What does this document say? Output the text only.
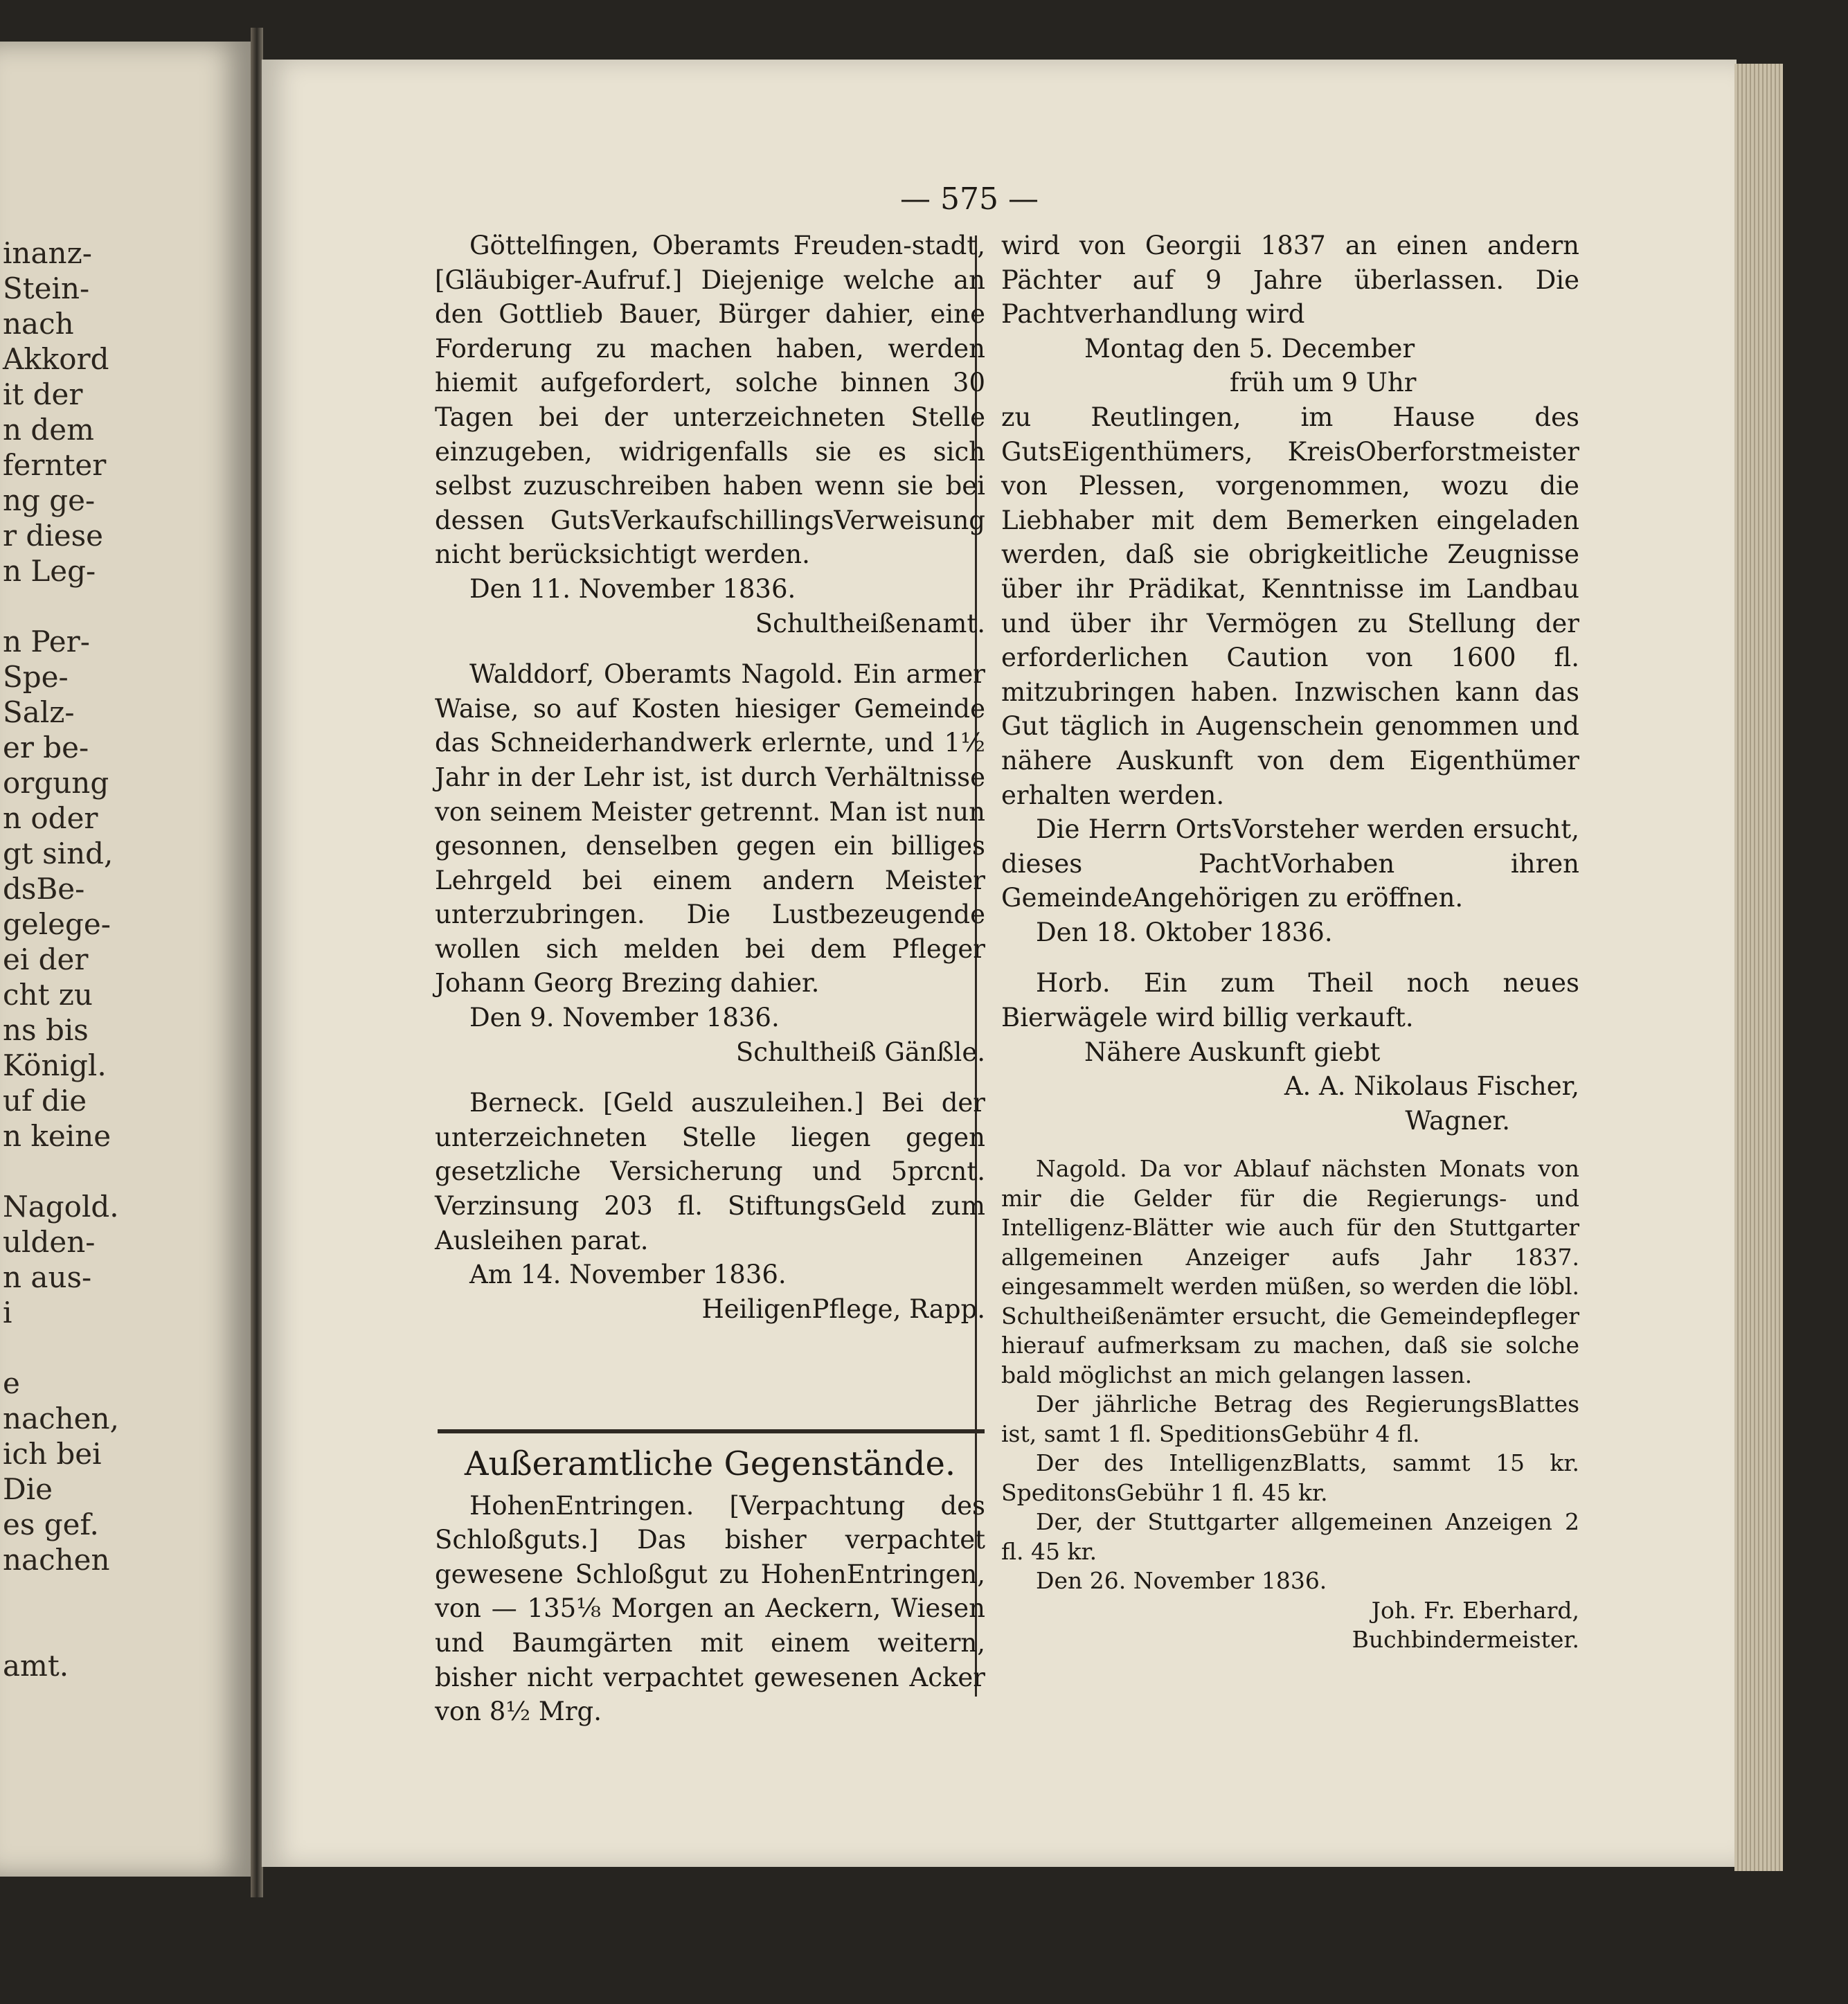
inanz-
Stein-
nach
Akkord
it der
n dem
fernter
ng ge-
r diese
n Leg-
n Per-
Spe-
Salz-
er be-
orgung
n oder
gt sind,
dsBe-
gelege-
ei der
cht zu
ns bis
Königl.
uf die
n keine
Nagold.
ulden-
n aus-
i
e
nachen,
ich bei
Die
es gef.
nachen
amt.
— 575 —

Göttelfingen, Oberamts Freuden-stadt, [Gläubiger-Aufruf.] Diejenige welche an den Gottlieb Bauer, Bürger dahier, eine Forderung zu machen haben, werden hiemit aufgefordert, solche binnen 30 Tagen bei der unterzeichneten Stelle einzugeben, widrigenfalls sie es sich selbst zuzuschreiben haben wenn sie bei dessen GutsVerkaufschillingsVerweisung nicht berücksichtigt werden.

Den 11. November 1836.

Schultheißenamt.

Walddorf, Oberamts Nagold. Ein armer Waise, so auf Kosten hiesiger Gemeinde das Schneiderhandwerk erlernte, und 1½ Jahr in der Lehr ist, ist durch Verhältnisse von seinem Meister getrennt. Man ist nun gesonnen, denselben gegen ein billiges Lehrgeld bei einem andern Meister unterzubringen. Die Lustbezeugende wollen sich melden bei dem Pfleger Johann Georg Brezing dahier.

Den 9. November 1836.

Schultheiß Gänßle.

Berneck. [Geld auszuleihen.] Bei der unterzeichneten Stelle liegen gegen gesetzliche Versicherung und 5prcnt. Verzinsung 203 fl. StiftungsGeld zum Ausleihen parat.

Am 14. November 1836.

HeiligenPflege, Rapp.

Außeramtliche Gegenstände.

HohenEntringen. [Verpachtung des Schloßguts.] Das bisher verpachtet gewesene Schloßgut zu HohenEntringen, von — 135⅛ Morgen an Aeckern, Wiesen und Baumgärten mit einem weitern, bisher nicht verpachtet gewesenen Acker von 8½ Mrg.

wird von Georgii 1837 an einen andern Pächter auf 9 Jahre überlassen. Die Pachtverhandlung wird

Montag den 5. December

früh um 9 Uhr

zu Reutlingen, im Hause des GutsEigenthümers, KreisOberforstmeister von Plessen, vorgenommen, wozu die Liebhaber mit dem Bemerken eingeladen werden, daß sie obrigkeitliche Zeugnisse über ihr Prädikat, Kenntnisse im Landbau und über ihr Vermögen zu Stellung der erforderlichen Caution von 1600 fl. mitzubringen haben. Inzwischen kann das Gut täglich in Augenschein genommen und nähere Auskunft von dem Eigenthümer erhalten werden.

Die Herrn OrtsVorsteher werden ersucht, dieses PachtVorhaben ihren GemeindeAngehörigen zu eröffnen.

Den 18. Oktober 1836.

Horb. Ein zum Theil noch neues Bierwägele wird billig verkauft.

Nähere Auskunft giebt

A. A. Nikolaus Fischer,

Wagner.

Nagold. Da vor Ablauf nächsten Monats von mir die Gelder für die Regierungs- und Intelligenz-Blätter wie auch für den Stuttgarter allgemeinen Anzeiger aufs Jahr 1837. eingesammelt werden müßen, so werden die löbl. Schultheißenämter ersucht, die Gemeindepfleger hierauf aufmerksam zu machen, daß sie solche bald möglichst an mich gelangen lassen.

Der jährliche Betrag des RegierungsBlattes ist, samt 1 fl. SpeditionsGebühr 4 fl.

Der des IntelligenzBlatts, sammt 15 kr. SpeditonsGebühr 1 fl. 45 kr.

Der, der Stuttgarter allgemeinen Anzeigen 2 fl. 45 kr.

Den 26. November 1836.

Joh. Fr. Eberhard,

Buchbindermeister.
